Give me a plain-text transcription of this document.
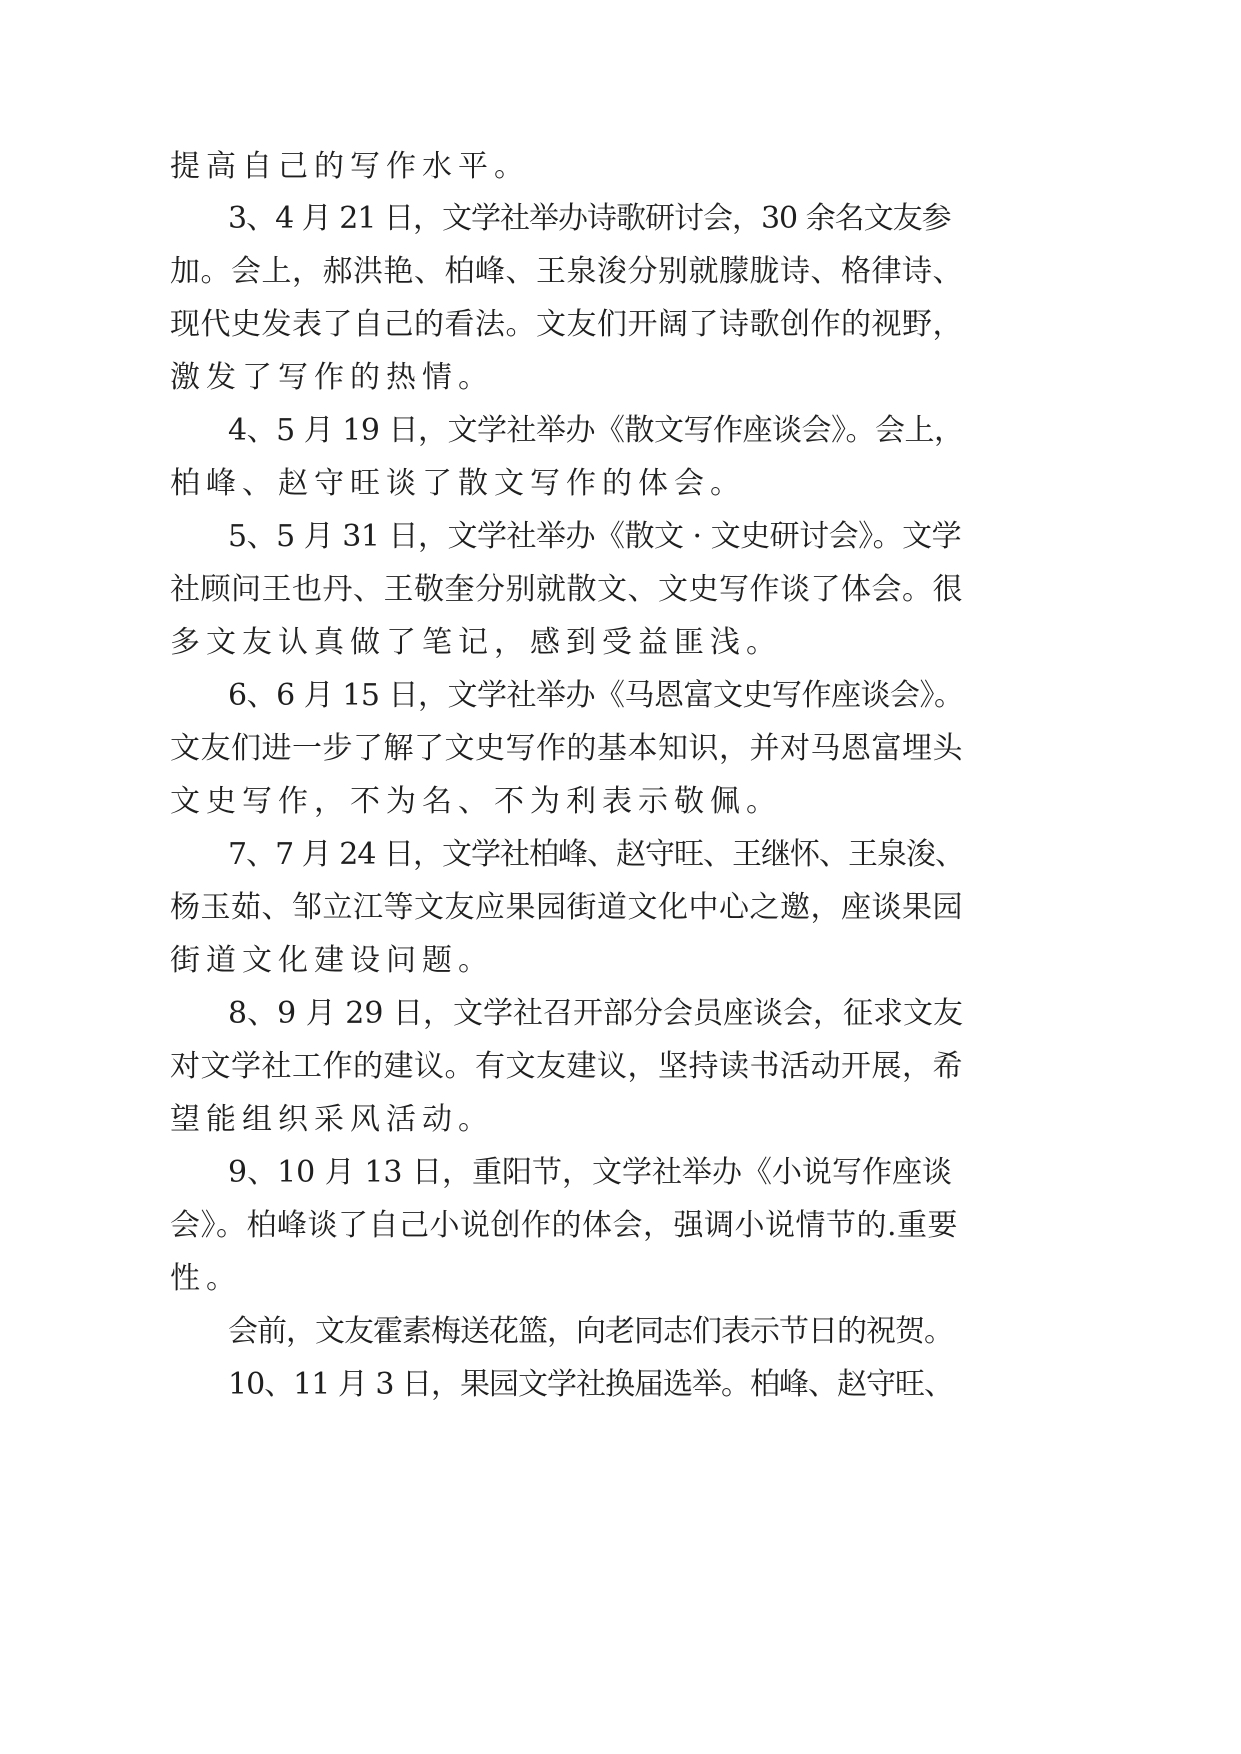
提高自己的写作水平。
3、4 月 21 日，文学社举办诗歌研讨会，30 余名文友参
加。会上，郝洪艳、柏峰、王泉浚分别就朦胧诗、格律诗、
现代史发表了自己的看法。文友们开阔了诗歌创作的视野，
激发了写作的热情。
4、5 月 19 日，文学社举办《散文写作座谈会》。会上，
柏峰、赵守旺谈了散文写作的体会。
5、5 月 31 日，文学社举办《散文 · 文史研讨会》。文学
社顾问王也丹、王敬奎分别就散文、文史写作谈了体会。很
多文友认真做了笔记，感到受益匪浅。
6、6 月 15 日，文学社举办《马恩富文史写作座谈会》。
文友们进一步了解了文史写作的基本知识，并对马恩富埋头
文史写作，不为名、不为利表示敬佩。
7、7 月 24 日，文学社柏峰、赵守旺、王继怀、王泉浚、
杨玉茹、邹立江等文友应果园街道文化中心之邀，座谈果园
街道文化建设问题。
8、9 月 29 日，文学社召开部分会员座谈会，征求文友
对文学社工作的建议。有文友建议，坚持读书活动开展，希
望能组织采风活动。
9、10 月 13 日，重阳节，文学社举办《小说写作座谈
会》。柏峰谈了自己小说创作的体会，强调小说情节的.重要
性。
会前，文友霍素梅送花篮，向老同志们表示节日的祝贺。
10、11 月 3 日，果园文学社换届选举。柏峰、赵守旺、
